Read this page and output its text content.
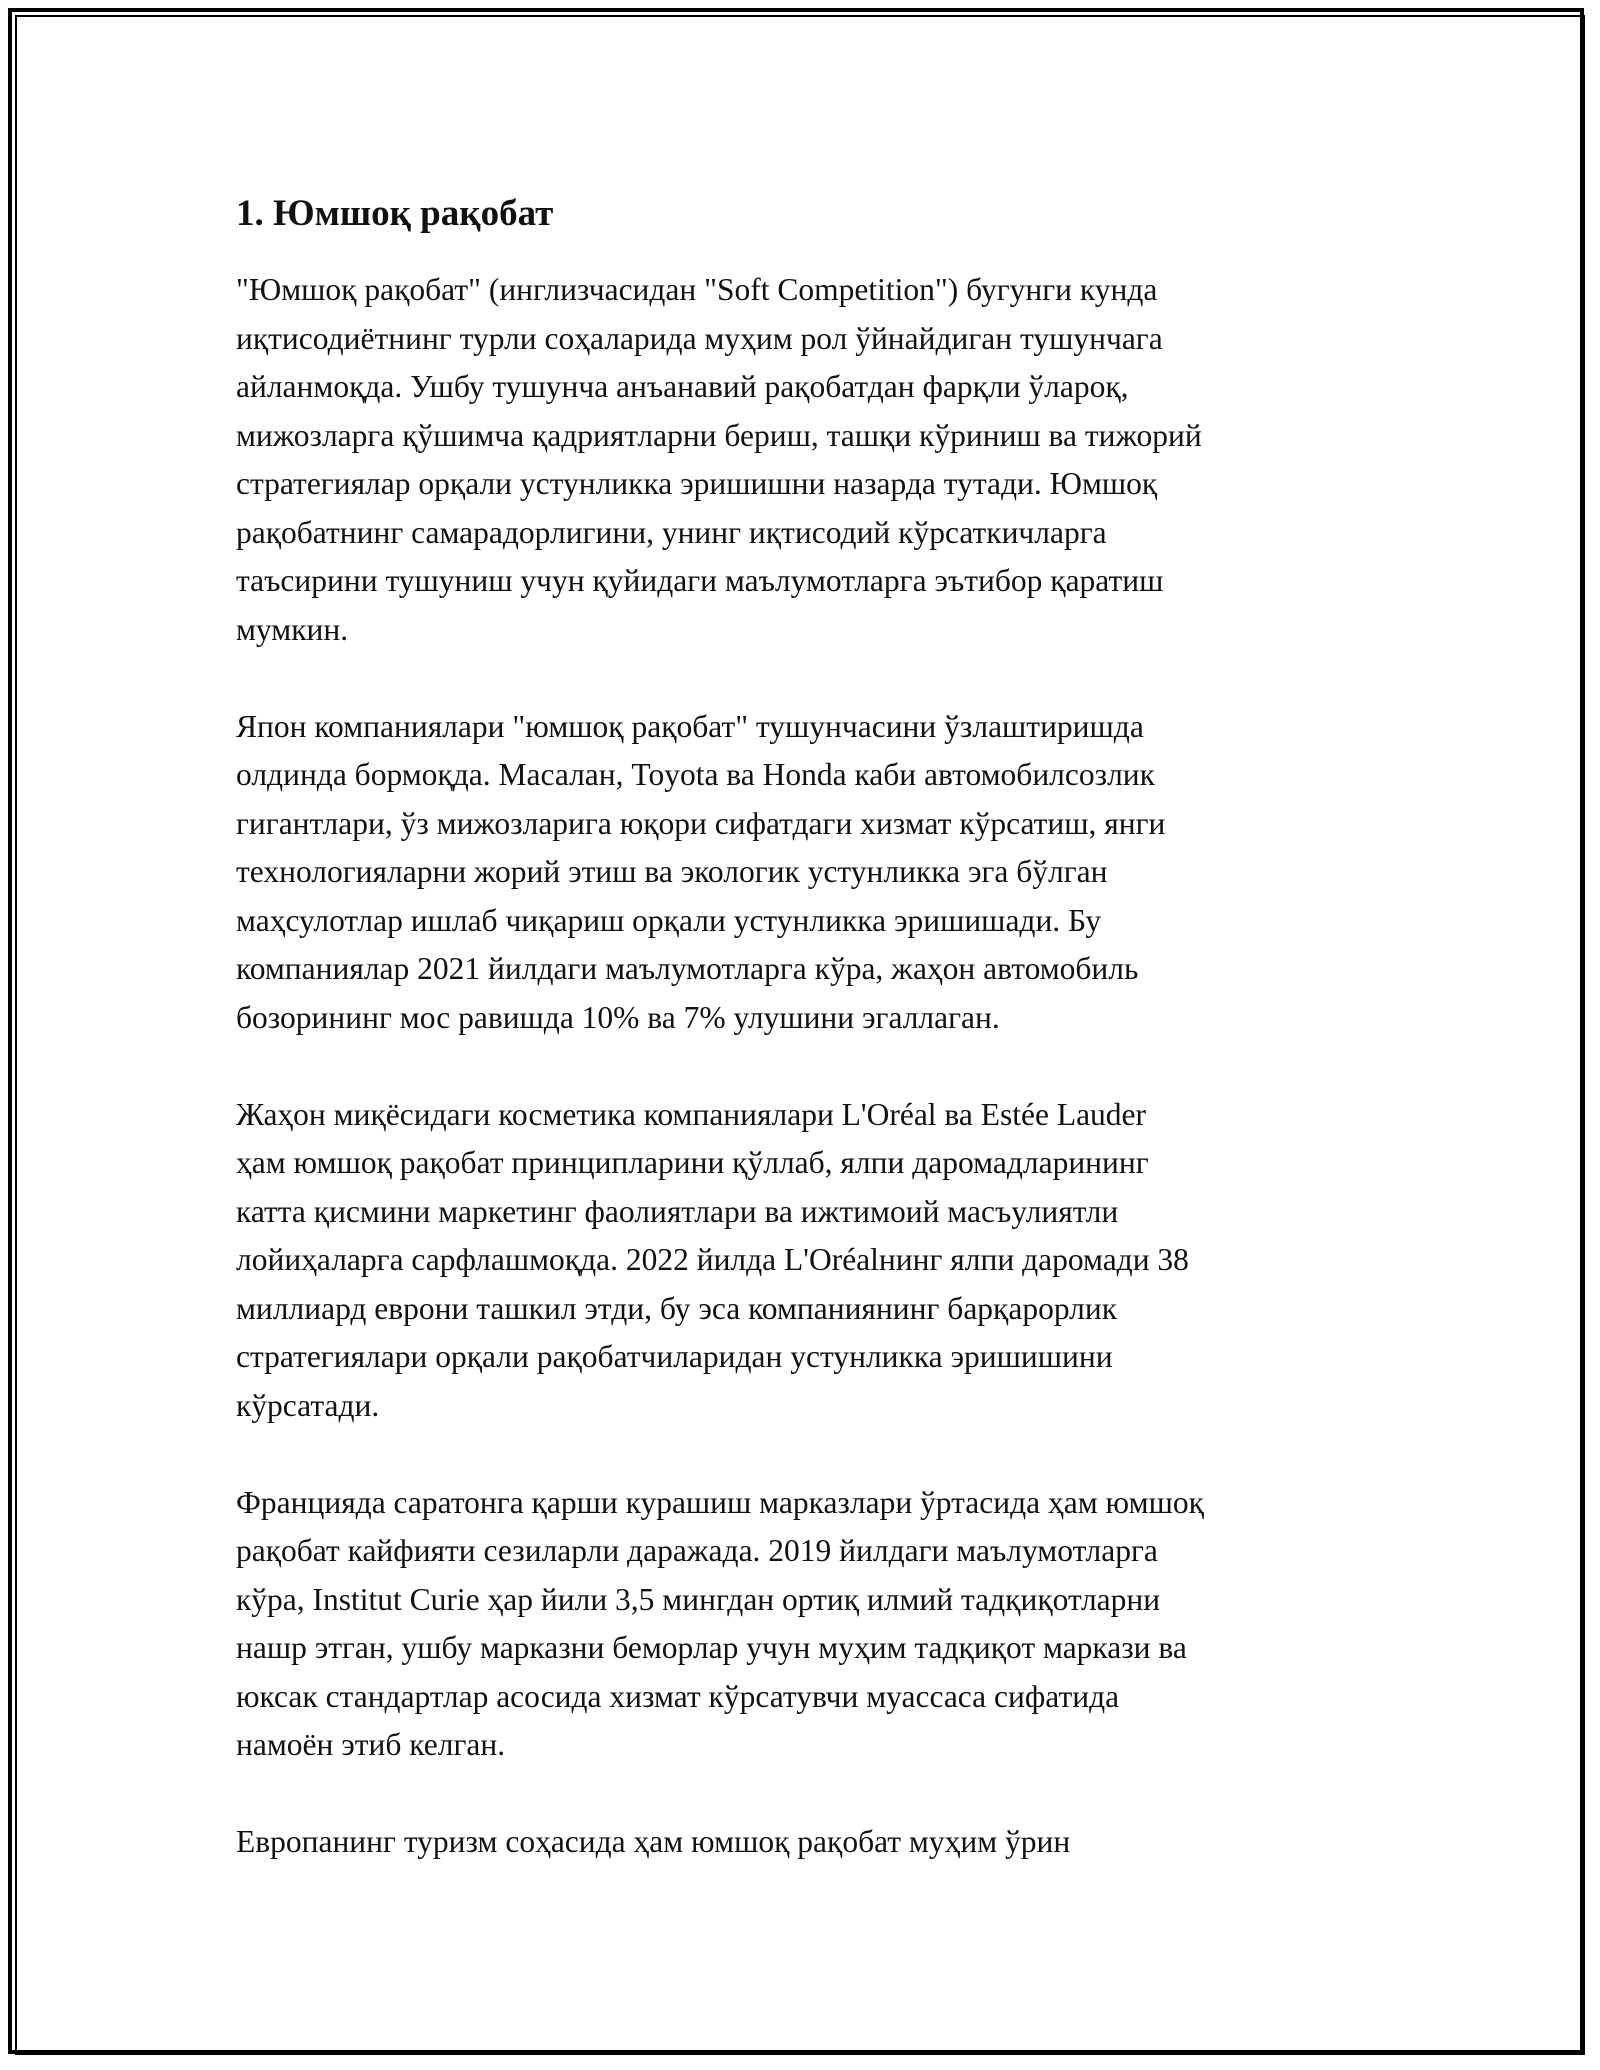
1. Юмшоқ рақобат

"Юмшоқ рақобат" (инглизчасидан "Soft Competition") бугунги кунда
иқтисодиётнинг турли соҳаларида муҳим рол ўйнайдиган тушунчага
айланмоқда. Ушбу тушунча анъанавий рақобатдан фарқли ўлароқ,
мижозларга қўшимча қадриятларни бериш, ташқи кўриниш ва тижорий
стратегиялар орқали устунликка эришишни назарда тутади. Юмшоқ
рақобатнинг самарадорлигини, унинг иқтисодий кўрсаткичларга
таъсирини тушуниш учун қуйидаги маълумотларга эътибор қаратиш
мумкин.

Япон компаниялари "юмшоқ рақобат" тушунчасини ўзлаштиришда
олдинда бормоқда. Масалан, Toyota ва Honda каби автомобилсозлик
гигантлари, ўз мижозларига юқори сифатдаги хизмат кўрсатиш, янги
технологияларни жорий этиш ва экологик устунликка эга бўлган
маҳсулотлар ишлаб чиқариш орқали устунликка эришишади. Бу
компаниялар 2021 йилдаги маълумотларга кўра, жаҳон автомобиль
бозорининг мос равишда 10% ва 7% улушини эгаллаган.

Жаҳон миқёсидаги косметика компаниялари L'Oréal ва Estée Lauder
ҳам юмшоқ рақобат принципларини қўллаб, ялпи даромадларининг
катта қисмини маркетинг фаолиятлари ва ижтимоий масъулиятли
лойиҳаларга сарфлашмоқда. 2022 йилда L'Oréalнинг ялпи даромади 38
миллиард еврони ташкил этди, бу эса компаниянинг барқарорлик
стратегиялари орқали рақобатчиларидан устунликка эришишини
кўрсатади.

Францияда саратонга қарши курашиш марказлари ўртасида ҳам юмшоқ
рақобат кайфияти сезиларли даражада. 2019 йилдаги маълумотларга
кўра, Institut Curie ҳар йили 3,5 мингдан ортиқ илмий тадқиқотларни
нашр этган, ушбу марказни беморлар учун муҳим тадқиқот маркази ва
юксак стандартлар асосида хизмат кўрсатувчи муассаса сифатида
намоён этиб келган.

Европанинг туризм соҳасида ҳам юмшоқ рақобат муҳим ўрин
